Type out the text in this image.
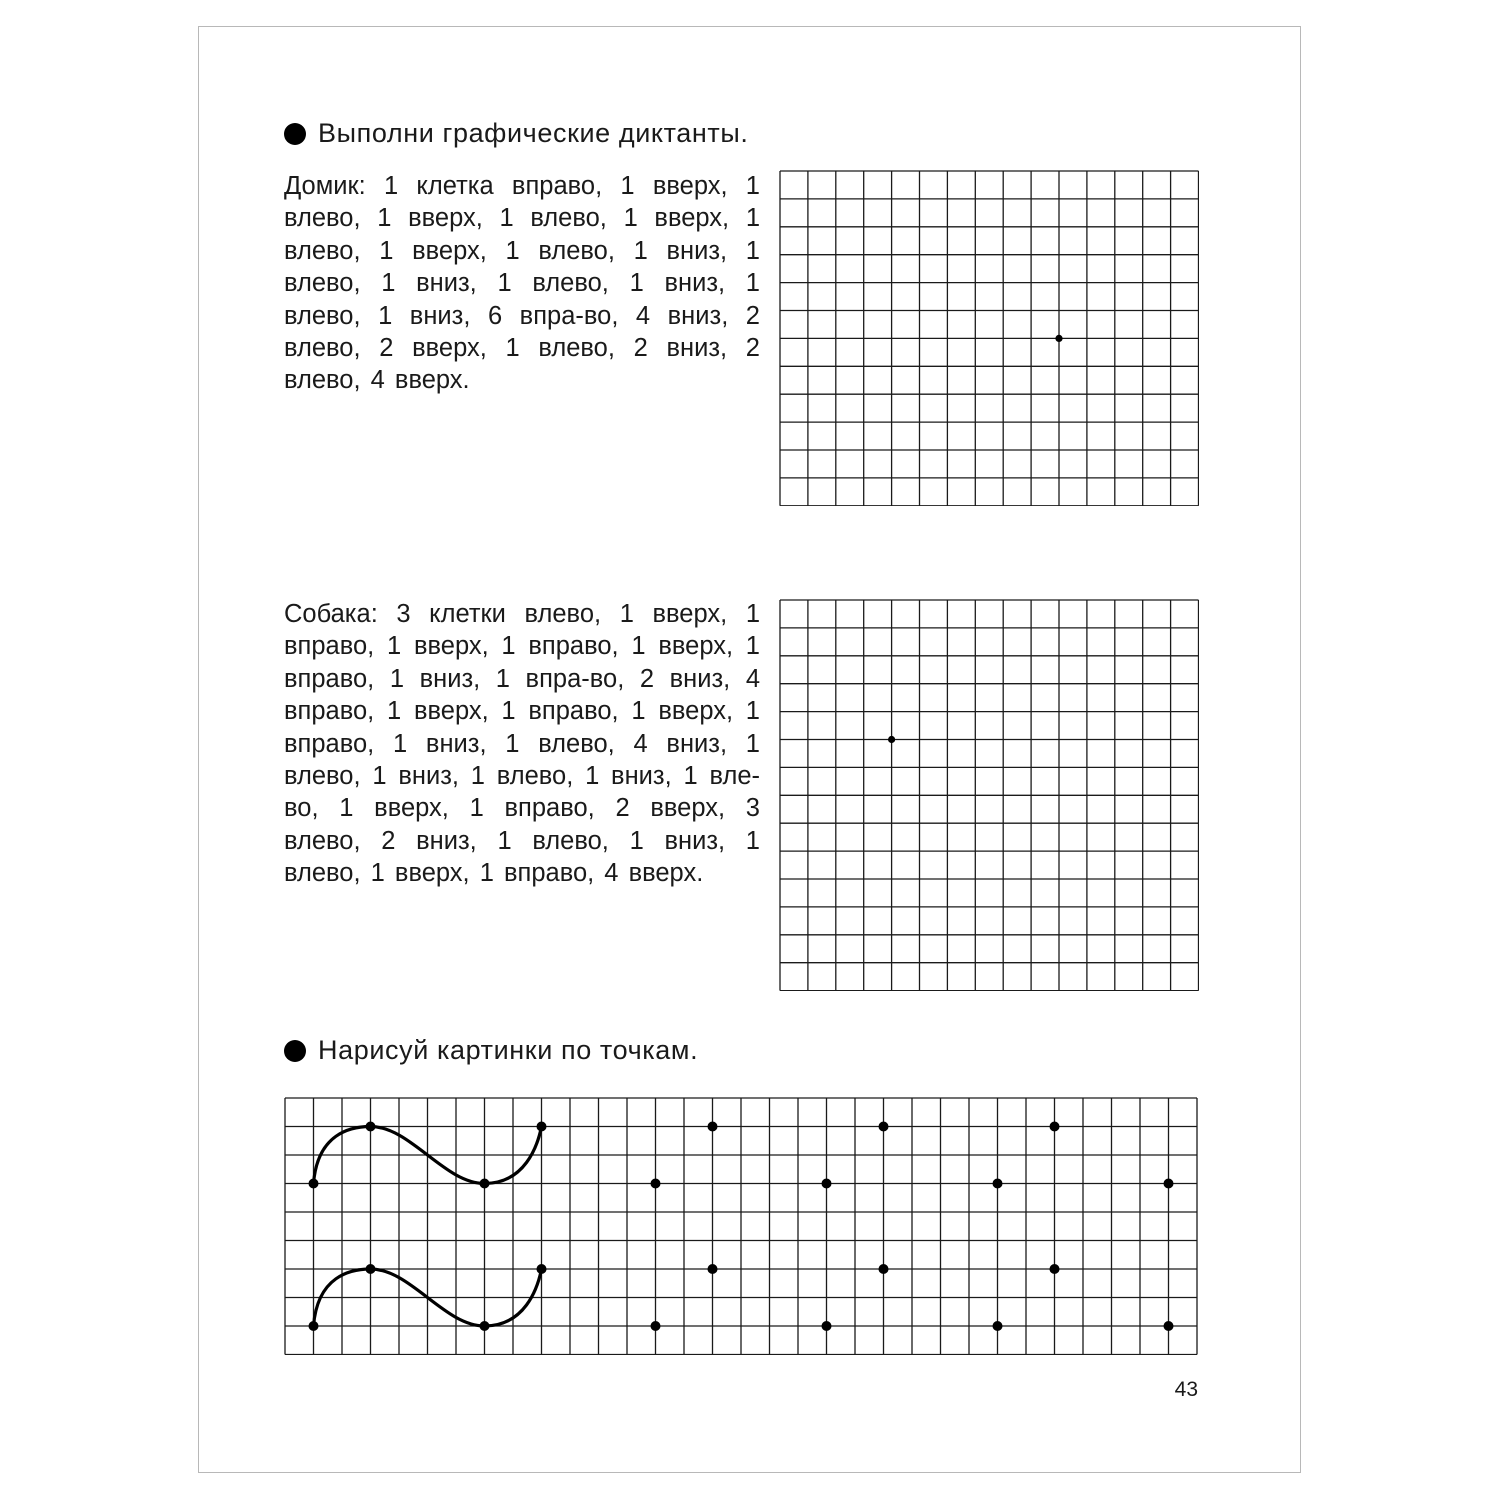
Выполни графические диктанты.
Домик: 1 клетка вправо, 1 вверх, 1 влево, 1 вверх, 1 влево, 1 вверх, 1 влево, 1 вверх, 1 влево, 1 вниз, 1 влево, 1 вниз, 1 влево, 1 вниз, 1 влево, 1 вниз, 6 впра-во, 4 вниз, 2 влево, 2 вверх, 1 влево, 2 вниз, 2 влево, 4 вверх.
Собака: 3 клетки влево, 1 вверх, 1 вправо, 1 вверх, 1 вправо, 1 вверх, 1 вправо, 1 вниз, 1 впра-во, 2 вниз, 4 вправо, 1 вверх, 1 вправо, 1 вверх, 1 вправо, 1 вниз, 1 влево, 4 вниз, 1 влево, 1 вниз, 1 влево, 1 вниз, 1 вле-во, 1 вверх, 1 вправо, 2 вверх, 3 влево, 2 вниз, 1 влево, 1 вниз, 1 влево, 1 вверх, 1 вправо, 4 вверх.
Нарисуй картинки по точкам.
43
